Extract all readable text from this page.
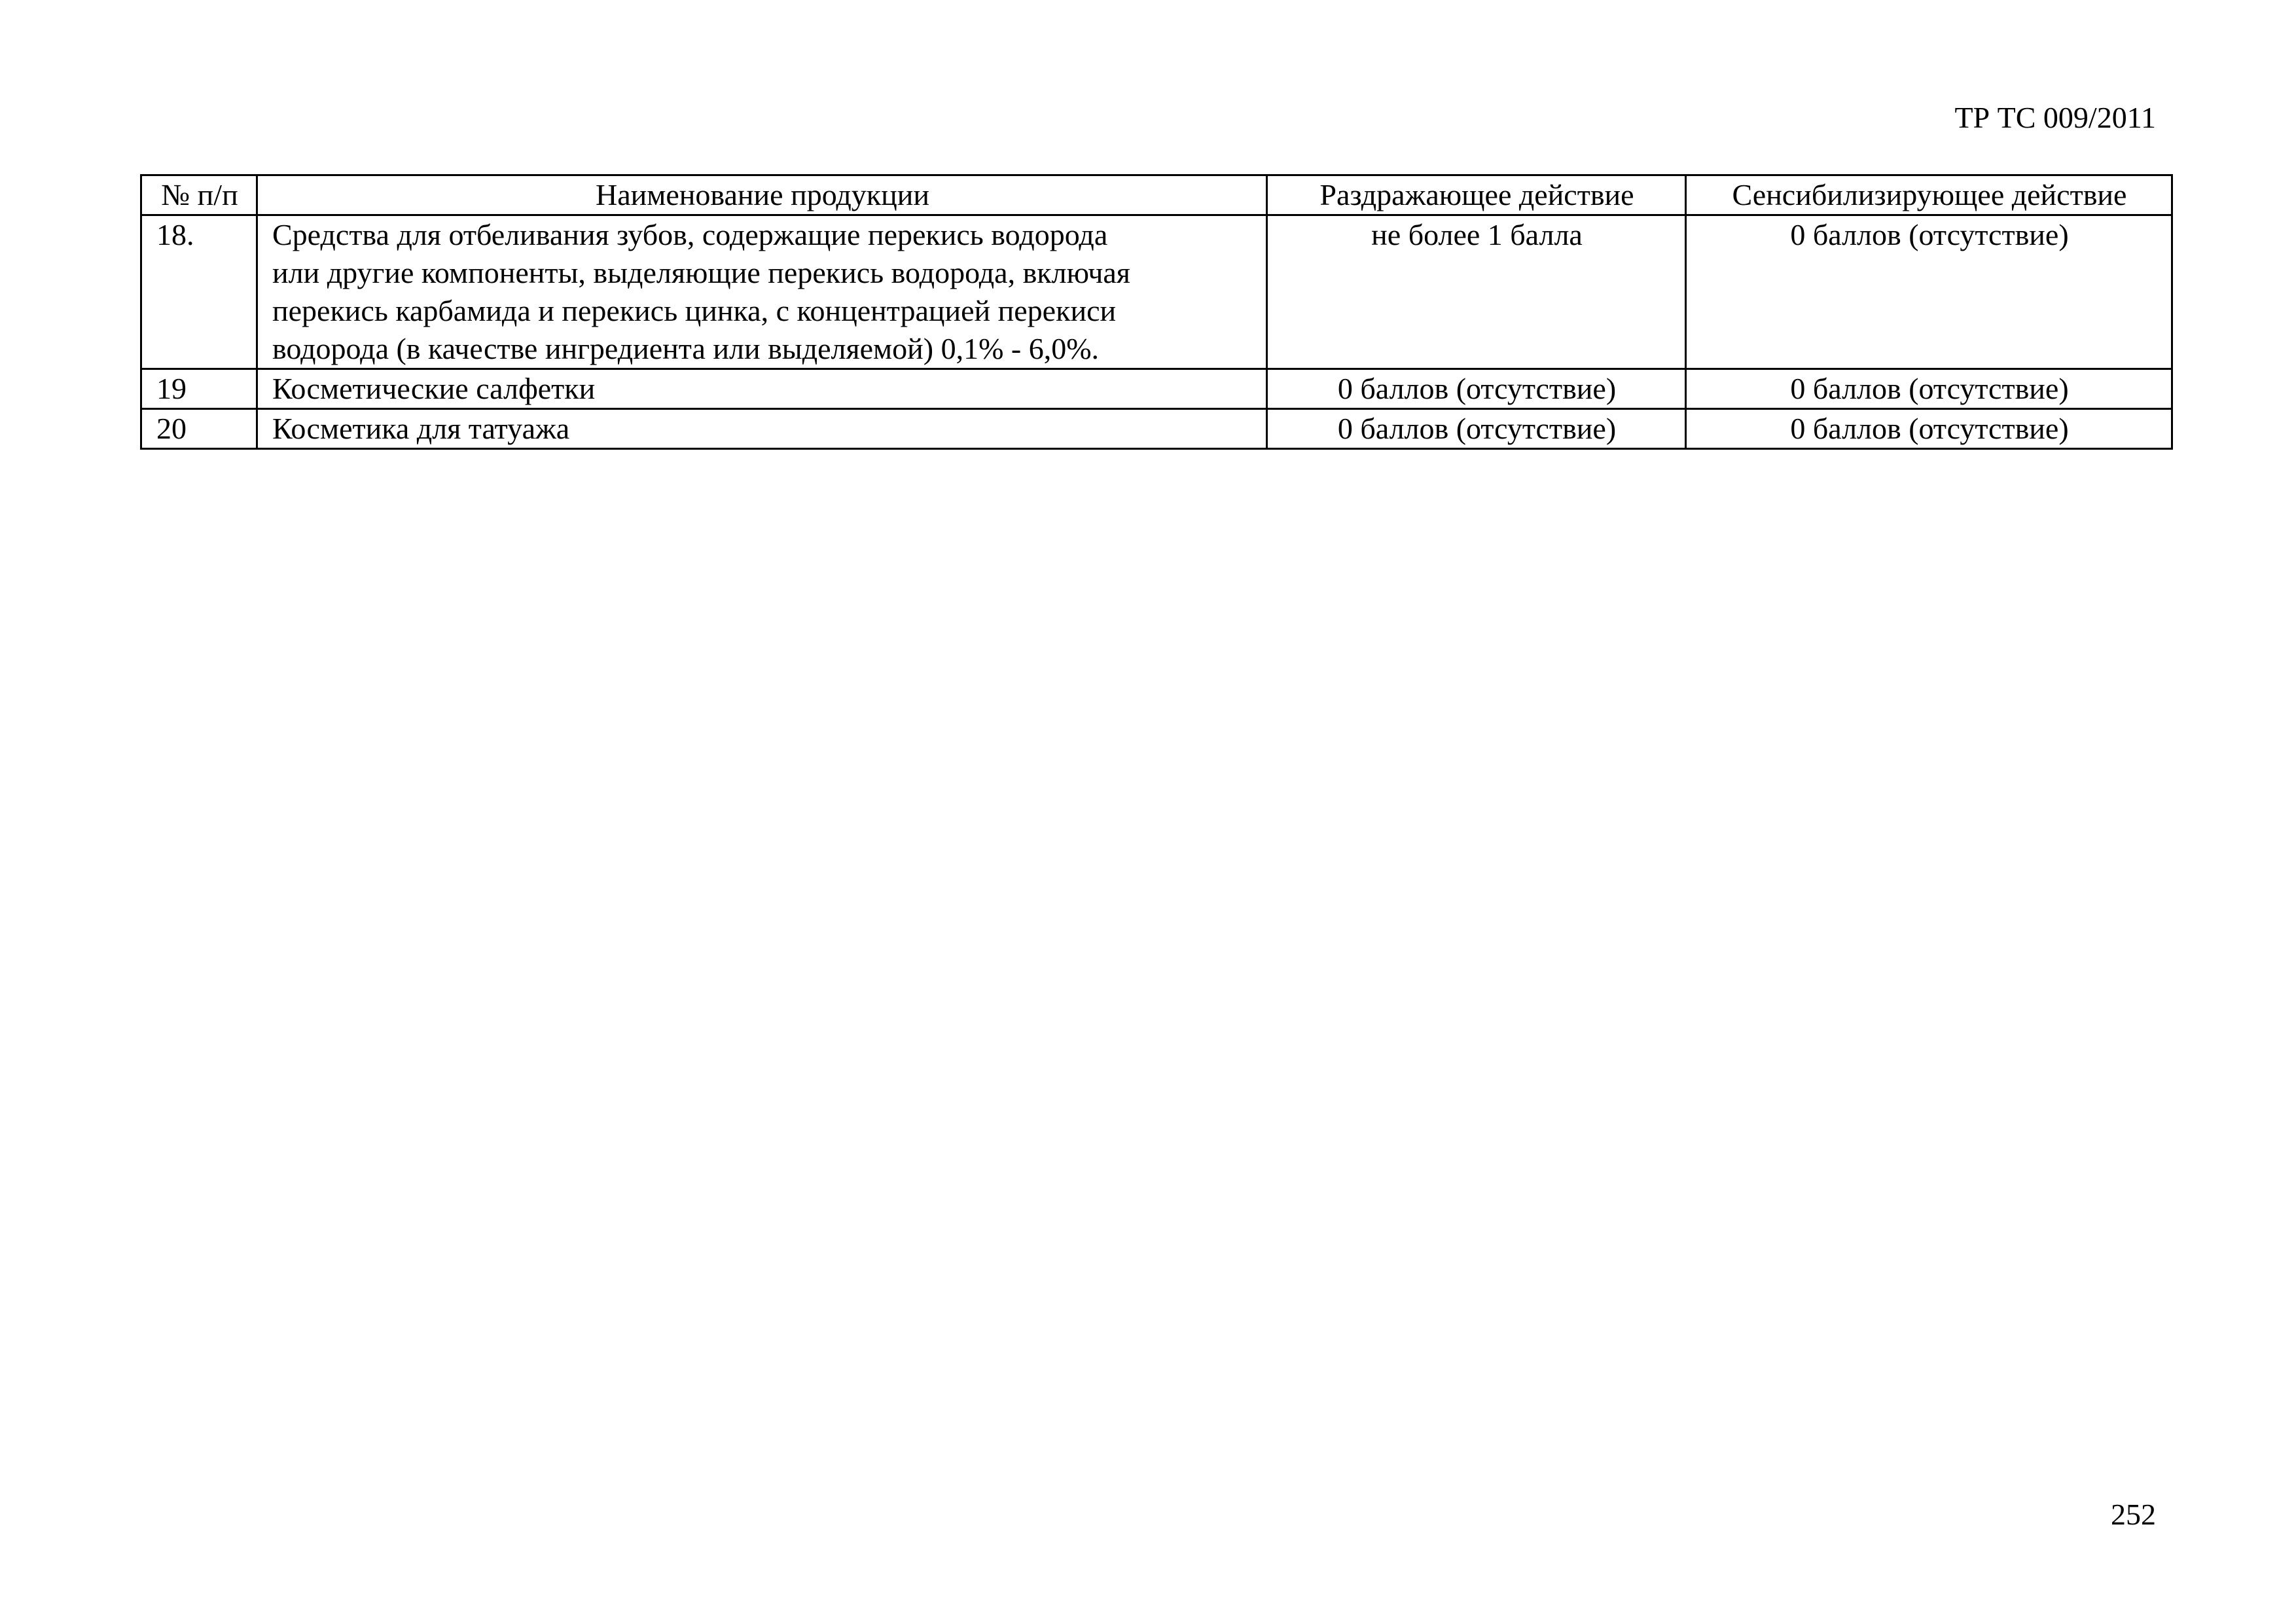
ТР ТС 009/2011
№ п/п	Наименование продукции	Раздражающее действие	Сенсибилизирующее действие
18.	Средства для отбеливания зубов, содержащие перекись водорода
или другие компоненты, выделяющие перекись водорода, включая
перекись карбамида и перекись цинка, с концентрацией перекиси
водорода (в качестве ингредиента или выделяемой) 0,1% - 6,0%.	не более 1 балла	0 баллов (отсутствие)
19	Косметические салфетки	0 баллов (отсутствие)	0 баллов (отсутствие)
20	Косметика для татуажа	0 баллов (отсутствие)	0 баллов (отсутствие)
252
